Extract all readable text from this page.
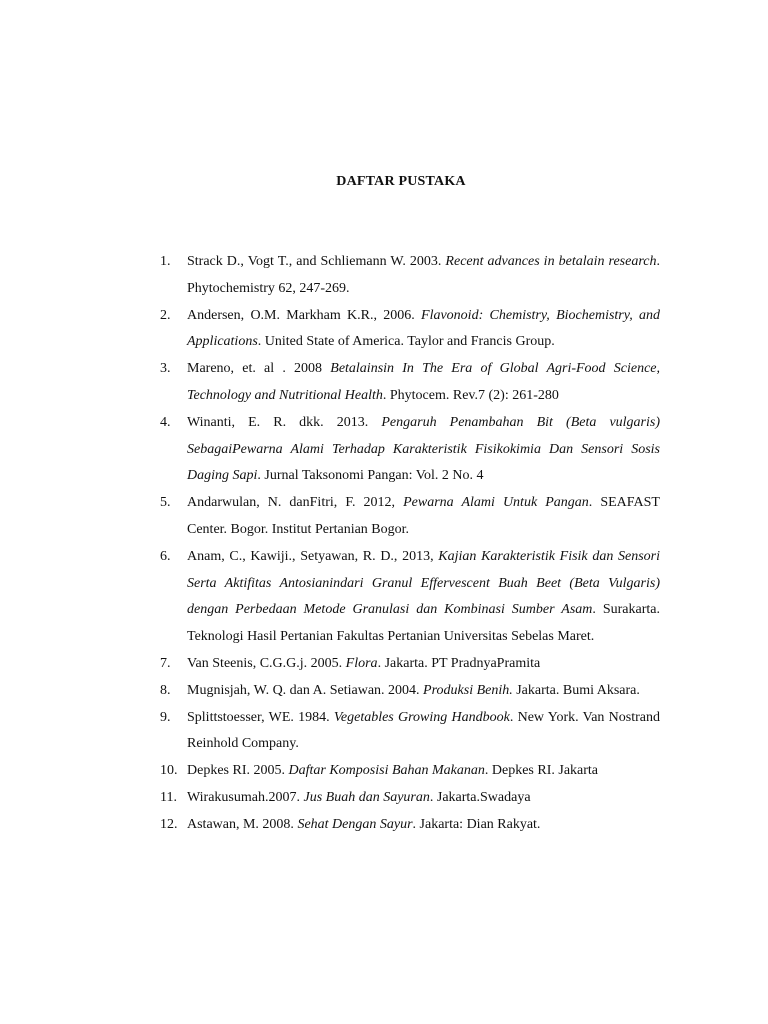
DAFTAR PUSTAKA
1. Strack D., Vogt T., and Schliemann W. 2003. Recent advances in betalain research. Phytochemistry 62, 247-269.
2. Andersen, O.M. Markham K.R., 2006. Flavonoid: Chemistry, Biochemistry, and Applications. United State of America. Taylor and Francis Group.
3. Mareno, et. al . 2008 Betalainsin In The Era of Global Agri-Food Science, Technology and Nutritional Health. Phytocem. Rev.7 (2): 261-280
4. Winanti, E. R. dkk. 2013. Pengaruh Penambahan Bit (Beta vulgaris) SebagaiPewarna Alami Terhadap Karakteristik Fisikokimia Dan Sensori Sosis Daging Sapi. Jurnal Taksonomi Pangan: Vol. 2 No. 4
5. Andarwulan, N. danFitri, F. 2012, Pewarna Alami Untuk Pangan. SEAFAST Center. Bogor. Institut Pertanian Bogor.
6. Anam, C., Kawiji., Setyawan, R. D., 2013, Kajian Karakteristik Fisik dan Sensori Serta Aktifitas Antosianindari Granul Effervescent Buah Beet (Beta Vulgaris) dengan Perbedaan Metode Granulasi dan Kombinasi Sumber Asam. Surakarta. Teknologi Hasil Pertanian Fakultas Pertanian Universitas Sebelas Maret.
7. Van Steenis, C.G.G.j. 2005. Flora. Jakarta. PT PradnyaPramita
8. Mugnisjah, W. Q. dan A. Setiawan. 2004. Produksi Benih. Jakarta. Bumi Aksara.
9. Splittstoesser, WE. 1984. Vegetables Growing Handbook. New York. Van Nostrand Reinhold Company.
10. Depkes RI. 2005. Daftar Komposisi Bahan Makanan. Depkes RI. Jakarta
11. Wirakusumah.2007. Jus Buah dan Sayuran. Jakarta.Swadaya
12. Astawan, M. 2008. Sehat Dengan Sayur. Jakarta: Dian Rakyat.
